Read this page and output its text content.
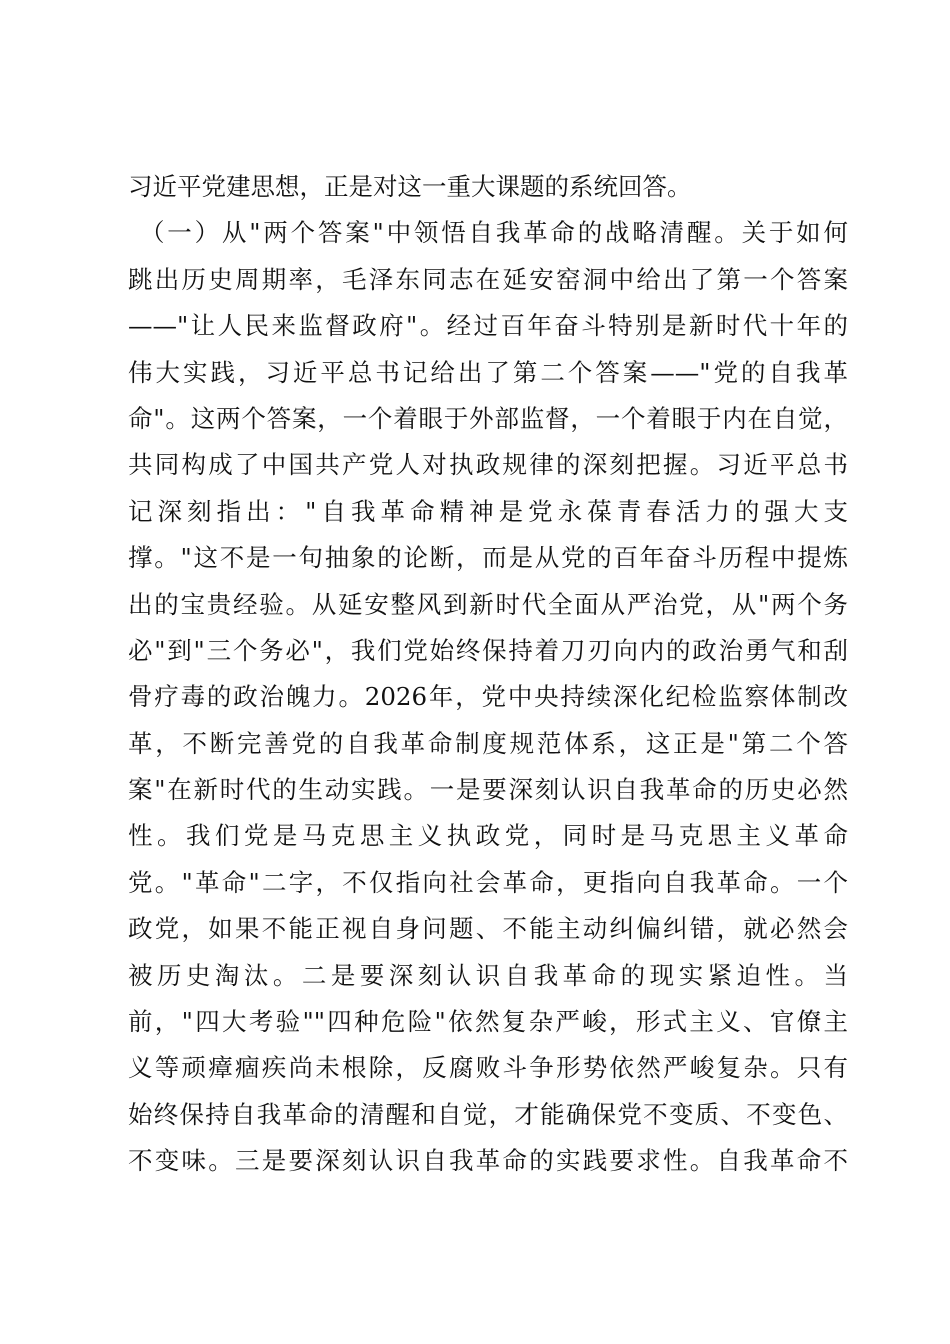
习近平党建思想，正是对这一重大课题的系统回答。
（一）从"两个答案"中领悟自我革命的战略清醒。关于如何
跳出历史周期率，毛泽东同志在延安窑洞中给出了第一个答案
——"让人民来监督政府"。经过百年奋斗特别是新时代十年的
伟大实践，习近平总书记给出了第二个答案——"党的自我革
命"。这两个答案，一个着眼于外部监督，一个着眼于内在自觉，
共同构成了中国共产党人对执政规律的深刻把握。习近平总书
记深刻指出："自我革命精神是党永葆青春活力的强大支
撑。"这不是一句抽象的论断，而是从党的百年奋斗历程中提炼
出的宝贵经验。从延安整风到新时代全面从严治党，从"两个务
必"到"三个务必"，我们党始终保持着刀刃向内的政治勇气和刮
骨疗毒的政治魄力。2026年，党中央持续深化纪检监察体制改
革，不断完善党的自我革命制度规范体系，这正是"第二个答
案"在新时代的生动实践。一是要深刻认识自我革命的历史必然
性。我们党是马克思主义执政党，同时是马克思主义革命
党。"革命"二字，不仅指向社会革命，更指向自我革命。一个
政党，如果不能正视自身问题、不能主动纠偏纠错，就必然会
被历史淘汰。二是要深刻认识自我革命的现实紧迫性。当
前，"四大考验""四种危险"依然复杂严峻，形式主义、官僚主
义等顽瘴痼疾尚未根除，反腐败斗争形势依然严峻复杂。只有
始终保持自我革命的清醒和自觉，才能确保党不变质、不变色、
不变味。三是要深刻认识自我革命的实践要求性。自我革命不
